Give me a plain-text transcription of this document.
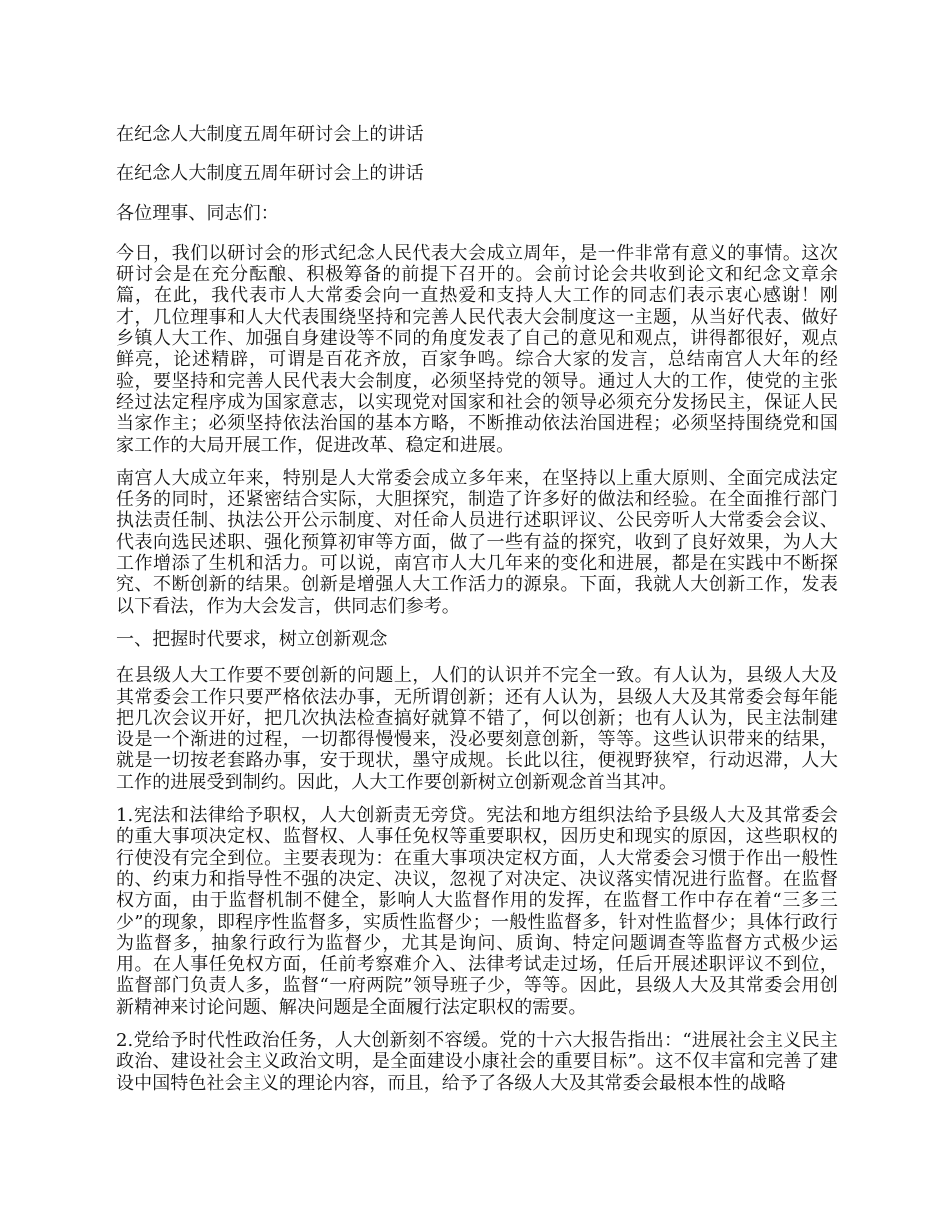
在纪念人大制度五周年研讨会上的讲话

在纪念人大制度五周年研讨会上的讲话

各位理事、同志们：

今日，我们以研讨会的形式纪念人民代表大会成立周年，是一件非常有意义的事情。这次研讨会是在充分酝酿、积极筹备的前提下召开的。会前讨论会共收到论文和纪念文章余篇，在此，我代表市人大常委会向一直热爱和支持人大工作的同志们表示衷心感谢！刚才，几位理事和人大代表围绕坚持和完善人民代表大会制度这一主题，从当好代表、做好乡镇人大工作、加强自身建设等不同的角度发表了自己的意见和观点，讲得都很好，观点鲜亮，论述精辟，可谓是百花齐放，百家争鸣。综合大家的发言，总结南宫人大年的经验，要坚持和完善人民代表大会制度，必须坚持党的领导。通过人大的工作，使党的主张经过法定程序成为国家意志，以实现党对国家和社会的领导必须充分发扬民主，保证人民当家作主；必须坚持依法治国的基本方略，不断推动依法治国进程；必须坚持围绕党和国家工作的大局开展工作，促进改革、稳定和进展。

南宫人大成立年来，特别是人大常委会成立多年来，在坚持以上重大原则、全面完成法定任务的同时，还紧密结合实际，大胆探究，制造了许多好的做法和经验。在全面推行部门执法责任制、执法公开公示制度、对任命人员进行述职评议、公民旁听人大常委会会议、代表向选民述职、强化预算初审等方面，做了一些有益的探究，收到了良好效果，为人大工作增添了生机和活力。可以说，南宫市人大几年来的变化和进展，都是在实践中不断探究、不断创新的结果。创新是增强人大工作活力的源泉。下面，我就人大创新工作，发表以下看法，作为大会发言，供同志们参考。

一、把握时代要求，树立创新观念

在县级人大工作要不要创新的问题上，人们的认识并不完全一致。有人认为，县级人大及其常委会工作只要严格依法办事，无所谓创新；还有人认为，县级人大及其常委会每年能把几次会议开好，把几次执法检查搞好就算不错了，何以创新；也有人认为，民主法制建设是一个渐进的过程，一切都得慢慢来，没必要刻意创新，等等。这些认识带来的结果，就是一切按老套路办事，安于现状，墨守成规。长此以往，便视野狭窄，行动迟滞，人大工作的进展受到制约。因此，人大工作要创新树立创新观念首当其冲。

1.宪法和法律给予职权，人大创新责无旁贷。宪法和地方组织法给予县级人大及其常委会的重大事项决定权、监督权、人事任免权等重要职权，因历史和现实的原因，这些职权的行使没有完全到位。主要表现为：在重大事项决定权方面，人大常委会习惯于作出一般性的、约束力和指导性不强的决定、决议，忽视了对决定、决议落实情况进行监督。在监督权方面，由于监督机制不健全，影响人大监督作用的发挥，在监督工作中存在着“三多三少”的现象，即程序性监督多，实质性监督少；一般性监督多，针对性监督少；具体行政行为监督多，抽象行政行为监督少，尤其是询问、质询、特定问题调查等监督方式极少运用。在人事任免权方面，任前考察难介入、法律考试走过场，任后开展述职评议不到位，监督部门负责人多，监督“一府两院”领导班子少，等等。因此，县级人大及其常委会用创新精神来讨论问题、解决问题是全面履行法定职权的需要。

2.党给予时代性政治任务，人大创新刻不容缓。党的十六大报告指出：“进展社会主义民主政治、建设社会主义政治文明，是全面建设小康社会的重要目标”。这不仅丰富和完善了建设中国特色社会主义的理论内容，而且，给予了各级人大及其常委会最根本性的战略
